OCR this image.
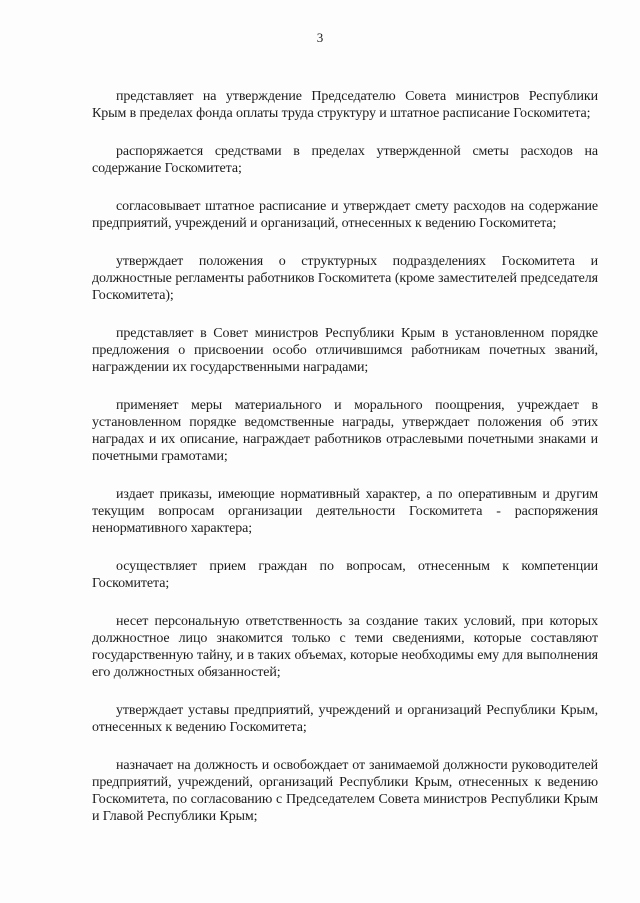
3

представляет на утверждение Председателю Совета министров Республики Крым в пределах фонда оплаты труда структуру и штатное расписание Госкомитета;

распоряжается средствами в пределах утвержденной сметы расходов на содержание Госкомитета;

согласовывает штатное расписание и утверждает смету расходов на содержание предприятий, учреждений и организаций, отнесенных к ведению Госкомитета;

утверждает положения о структурных подразделениях Госкомитета и должностные регламенты работников Госкомитета (кроме заместителей председателя Госкомитета);

представляет в Совет министров Республики Крым в установленном порядке предложения о присвоении особо отличившимся работникам почетных званий, награждении их государственными наградами;

применяет меры материального и морального поощрения, учреждает в установленном порядке ведомственные награды, утверждает положения об этих наградах и их описание, награждает работников отраслевыми почетными знаками и почетными грамотами;

издает приказы, имеющие нормативный характер, а по оперативным и другим текущим вопросам организации деятельности Госкомитета - распоряжения ненормативного характера;

осуществляет прием граждан по вопросам, отнесенным к компетенции Госкомитета;

несет персональную ответственность за создание таких условий, при которых должностное лицо знакомится только с теми сведениями, которые составляют государственную тайну, и в таких объемах, которые необходимы ему для выполнения его должностных обязанностей;

утверждает уставы предприятий, учреждений и организаций Республики Крым, отнесенных к ведению Госкомитета;

назначает на должность и освобождает от занимаемой должности руководителей предприятий, учреждений, организаций Республики Крым, отнесенных к ведению Госкомитета, по согласованию с Председателем Совета министров Республики Крым и Главой Республики Крым;
